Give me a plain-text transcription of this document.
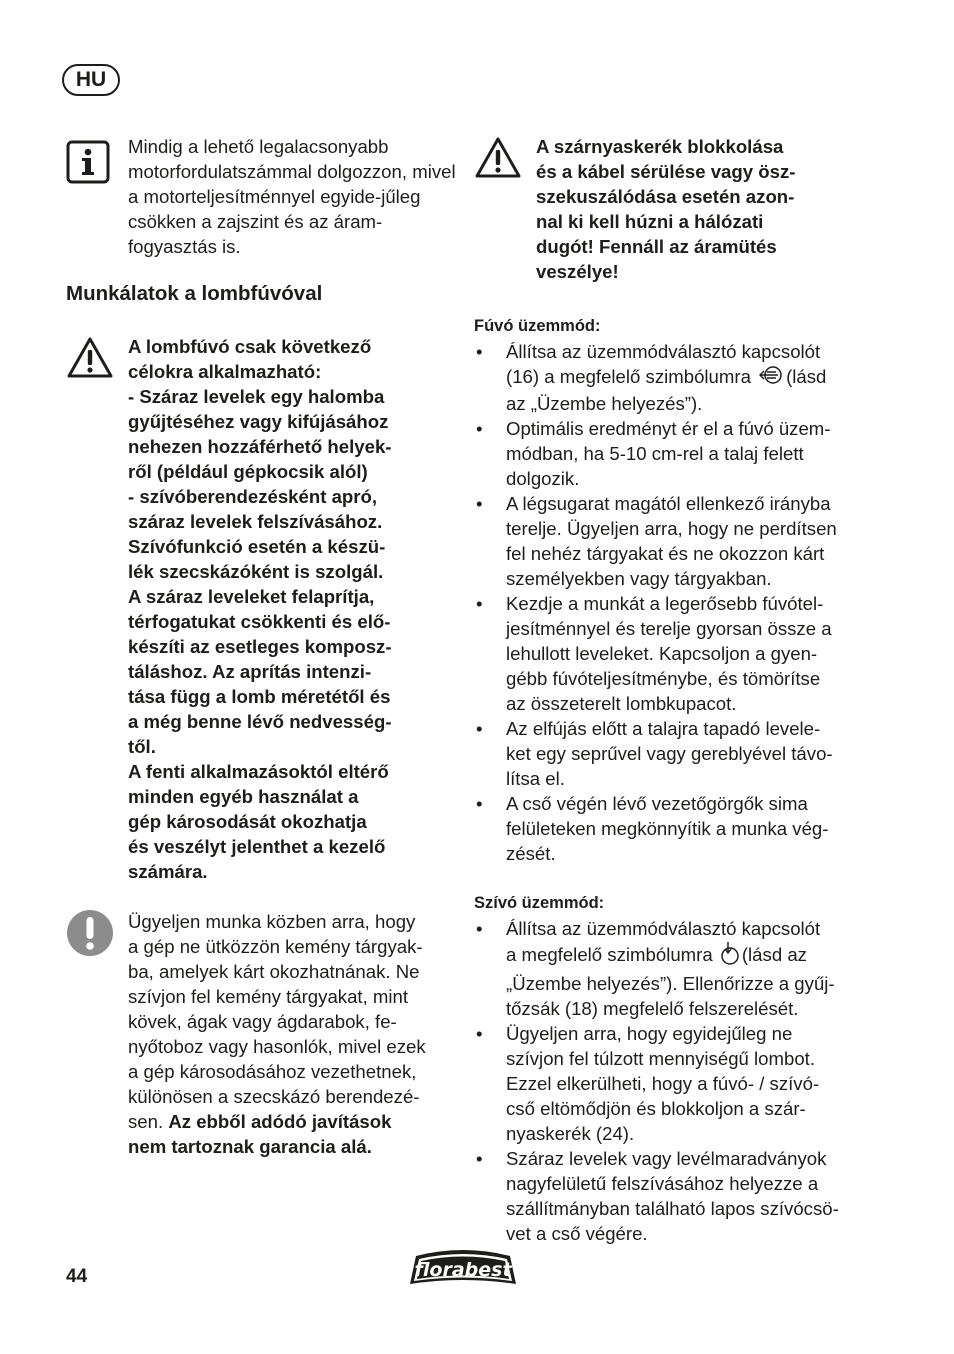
HU
Mindig a lehető legalacsonyabb motorfordulatszámmal dolgozzon, mivel a motorteljesítménnyel egyide-jűleg csökken a zajszint és az áram-fogyasztás is.
Munkálatok a lombfúvóval
A lombfúvó csak következő
célokra alkalmazható:
- Száraz levelek egy halomba
gyűjtéséhez vagy kifújásához
nehezen hozzáférhető helyek-
ről (például gépkocsik alól)
- szívóberendezésként apró,
száraz levelek felszívásához.
Szívófunkció esetén a készü-
lék szecskázóként is szolgál.
A száraz leveleket felaprítja,
térfogatukat csökkenti és elő-
készíti az esetleges komposz-
táláshoz. Az aprítás intenzi-
tása függ a lomb méretétől és
a még benne lévő nedvesség-
től.
A fenti alkalmazásoktól eltérő
minden egyéb használat a
gép károsodását okozhatja
és veszélyt jelenthet a kezelő
számára.
Ügyeljen munka közben arra, hogy
a gép ne ütközzön kemény tárgyak-
ba, amelyek kárt okozhatnának. Ne
szívjon fel kemény tárgyakat, mint
kövek, ágak vagy ágdarabok, fe-
nyőtoboz vagy hasonlók, mivel ezek
a gép károsodásához vezethetnek,
különösen a szecskázó berendezé-
sen. Az ebből adódó javítások
nem tartoznak garancia alá.
A szárnyaskerék blokkolása
és a kábel sérülése vagy ösz-
szekuszálódása esetén azon-
nal ki kell húzni a hálózati
dugót! Fennáll az áramütés
veszélye!
Fúvó üzemmód:
• Állítsa az üzemmódválasztó kapcsolót
(16) a megfelelő szimbólumra (lásd
az „Üzembe helyezés”).
• Optimális eredményt ér el a fúvó üzem-
módban, ha 5-10 cm-rel a talaj felett
dolgozik.
• A légsugarat magától ellenkező irányba
terelje. Ügyeljen arra, hogy ne perdítsen
fel nehéz tárgyakat és ne okozzon kárt
személyekben vagy tárgyakban.
• Kezdje a munkát a legerősebb fúvótel-
jesítménnyel és terelje gyorsan össze a
lehullott leveleket. Kapcsoljon a gyen-
gébb fúvóteljesítménybe, és tömörítse
az összeterelt lombkupacot.
• Az elfújás előtt a talajra tapadó levele-
ket egy seprűvel vagy gereblyével távo-
lítsa el.
• A cső végén lévő vezetőgörgők sima
felületeken megkönnyítik a munka vég-
zését.
Szívó üzemmód:
• Állítsa az üzemmódválasztó kapcsolót
a megfelelő szimbólumra (lásd az
„Üzembe helyezés”). Ellenőrizze a gyűj-
tőzsák (18) megfelelő felszerelését.
• Ügyeljen arra, hogy egyidejűleg ne
szívjon fel túlzott mennyiségű lombot.
Ezzel elkerülheti, hogy a fúvó- / szívó-
cső eltömődjön és blokkoljon a szár-
nyaskerék (24).
• Száraz levelek vagy levélmaradványok
nagyfelületű felszívásához helyezze a
szállítmányban található lapos szívócsö-
vet a cső végére.
44	florabest
